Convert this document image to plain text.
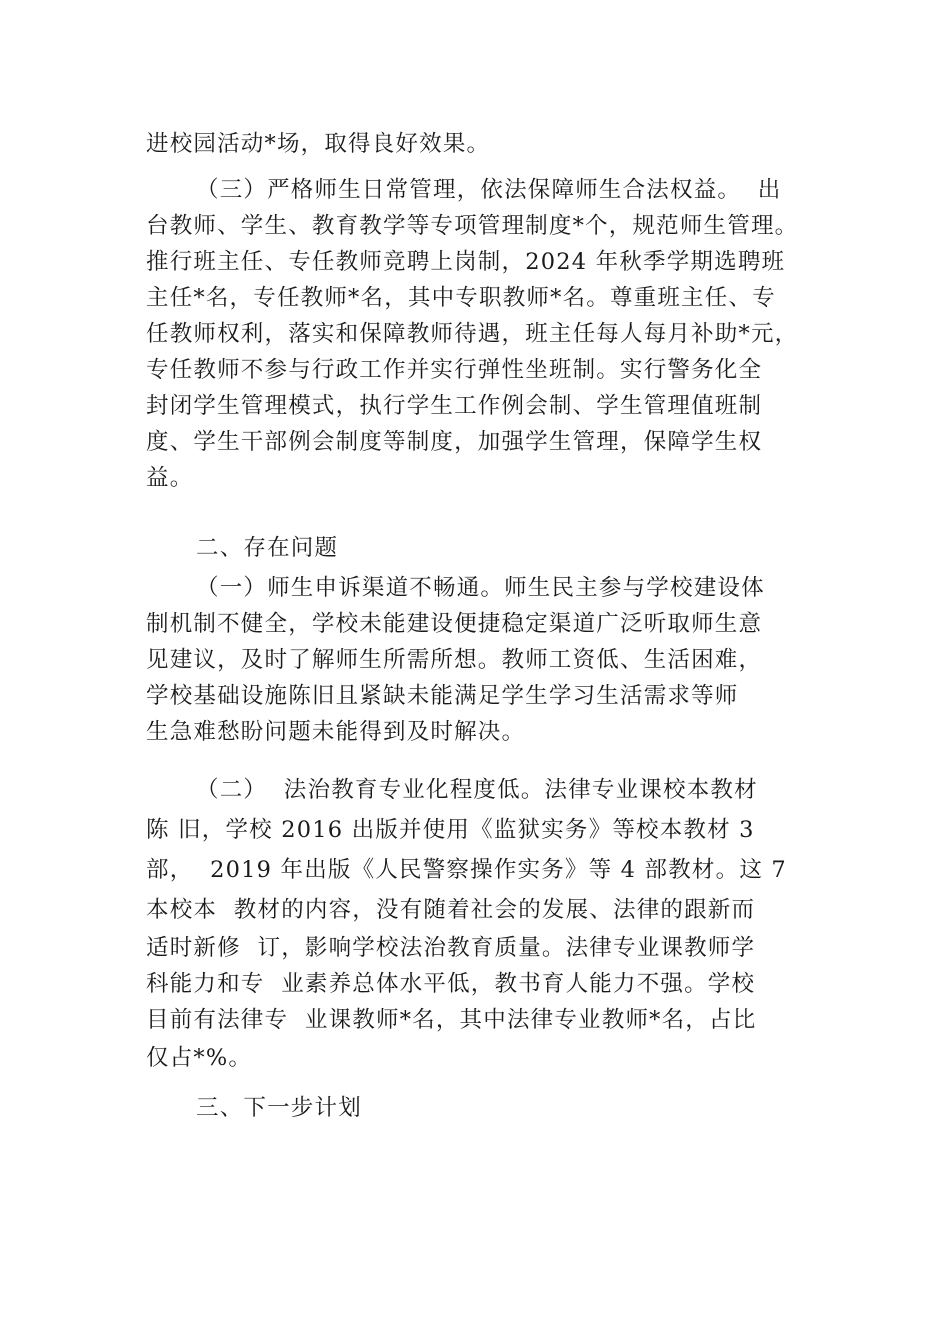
进校园活动*场，取得良好效果。
（三）严格师生日常管理，依法保障师生合法权益。  出
台教师、学生、教育教学等专项管理制度*个，规范师生管理。
推行班主任、专任教师竞聘上岗制，2024 年秋季学期选聘班
主任*名，专任教师*名，其中专职教师*名。尊重班主任、专
任教师权利，落实和保障教师待遇，班主任每人每月补助*元，
专任教师不参与行政工作并实行弹性坐班制。实行警务化全
封闭学生管理模式，执行学生工作例会制、学生管理值班制
度、学生干部例会制度等制度，加强学生管理，保障学生权
益。
二、存在问题
（一）师生申诉渠道不畅通。师生民主参与学校建设体
制机制不健全，学校未能建设便捷稳定渠道广泛听取师生意
见建议，及时了解师生所需所想。教师工资低、生活困难，
学校基础设施陈旧且紧缺未能满足学生学习生活需求等师
生急难愁盼问题未能得到及时解决。
（二）  法治教育专业化程度低。法律专业课校本教材
陈 旧，学校 2016 出版并使用《监狱实务》等校本教材 3
部，  2019 年出版《人民警察操作实务》等 4 部教材。这 7
本校本  教材的内容，没有随着社会的发展、法律的跟新而
适时新修  订，影响学校法治教育质量。法律专业课教师学
科能力和专  业素养总体水平低，教书育人能力不强。学校
目前有法律专  业课教师*名，其中法律专业教师*名，占比
仅占*%。
三、下一步计划
